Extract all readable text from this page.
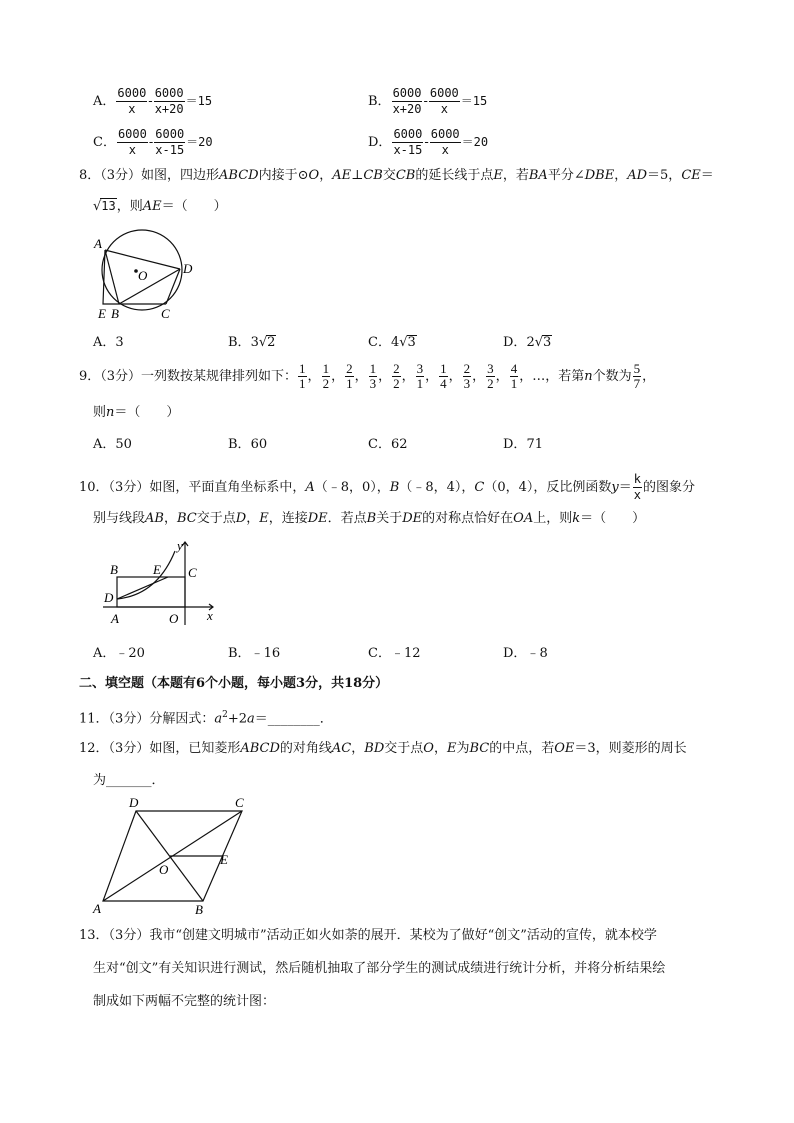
A． $\frac{6000}{x} - \frac{6000}{x+20} =15$	B． $\frac{6000}{x+20} - \frac{6000}{x} =15$
C． $\frac{6000}{x} - \frac{6000}{x-15} =20$	D． $\frac{6000}{x-15} - \frac{6000}{x} =20$
8．（3分）如图，四边形ABCD内接于⊙O，AE⊥CB交CB的延长线于点E，若BA平分∠DBE，AD＝5，CE＝
√13，则AE＝（　　）
A
O	D
E B	C
A．3	B．3√2	C．4√3	D．2√3
9．（3分）一列数按某规律排列如下： $\frac{1}{1}$ ， $\frac{1}{2}$ ， $\frac{2}{1}$ ， $\frac{1}{3}$ ， $\frac{2}{2}$ ， $\frac{3}{1}$ ， $\frac{1}{4}$ ， $\frac{2}{3}$ ， $\frac{3}{2}$ ， $\frac{4}{1}$ ，…，若第n个数为 $\frac{5}{7}$ ，
则n＝（　　）
A．50	B．60	C．62	D．71
10．（3分）如图，平面直角坐标系中，A（﹣8，0），B（﹣8，4），C（0，4），反比例函数$y= \frac{k}{x}$ 的图象分
别与线段AB，BC交于点D，E，连接DE．若点B关于DE的对称点恰好在OA上，则k＝（　　）
y
x
B	E C
D
A	O
A．﹣20	B．﹣16	C．﹣12	D．﹣8
二、填空题（本题有6个小题，每小题3分，共18分）
11．（3分）分解因式：$a^2+2a=\_\_\_\_\_\_\_\_$．
12．（3分）如图，已知菱形ABCD的对角线AC，BD交于点O，E为BC的中点，若OE＝3，则菱形的周长
为_______．
D	C
E
O
A	B
13．（3分）我市“创建文明城市”活动正如火如荼的展开．某校为了做好“创文”活动的宣传，就本校学
生对“创文”有关知识进行测试，然后随机抽取了部分学生的测试成绩进行统计分析，并将分析结果绘
制成如下两幅不完整的统计图：
